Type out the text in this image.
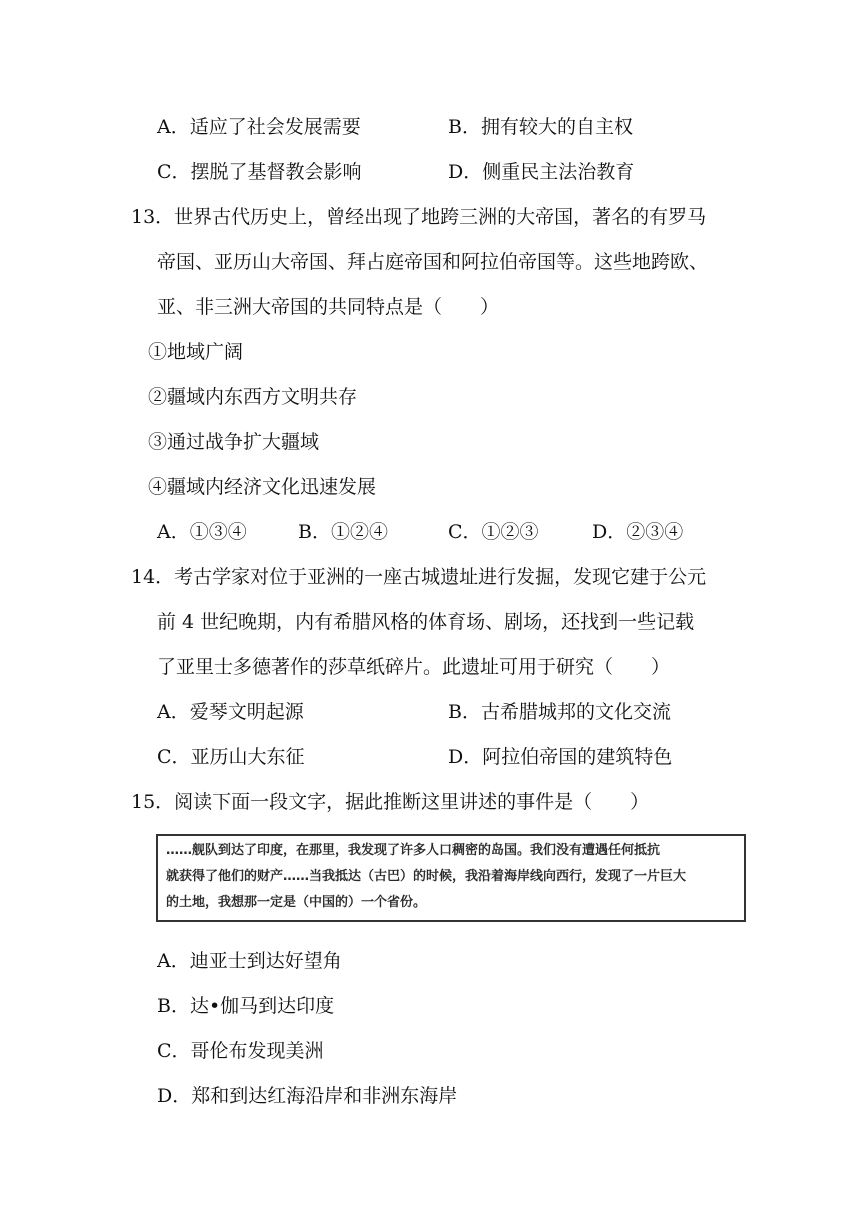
A．适应了社会发展需要	B．拥有较大的自主权
C．摆脱了基督教会影响	D．侧重民主法治教育
13．世界古代历史上，曾经出现了地跨三洲的大帝国，著名的有罗马
帝国、亚历山大帝国、拜占庭帝国和阿拉伯帝国等。这些地跨欧、
亚、非三洲大帝国的共同特点是（　　）
①地域广阔
②疆域内东西方文明共存
③通过战争扩大疆域
④疆域内经济文化迅速发展
A．①③④	B．①②④	C．①②③	D．②③④
14．考古学家对位于亚洲的一座古城遗址进行发掘，发现它建于公元
前 4 世纪晚期，内有希腊风格的体育场、剧场，还找到一些记载
了亚里士多德著作的莎草纸碎片。此遗址可用于研究（　　）
A．爱琴文明起源	B．古希腊城邦的文化交流
C．亚历山大东征	D．阿拉伯帝国的建筑特色
15．阅读下面一段文字，据此推断这里讲述的事件是（　　）
……舰队到达了印度，在那里，我发现了许多人口稠密的岛国。我们没有遭遇任何抵抗
就获得了他们的财产……当我抵达（古巴）的时候，我沿着海岸线向西行，发现了一片巨大
的土地，我想那一定是（中国的）一个省份。
A．迪亚士到达好望角
B．达•伽马到达印度
C．哥伦布发现美洲
D．郑和到达红海沿岸和非洲东海岸
